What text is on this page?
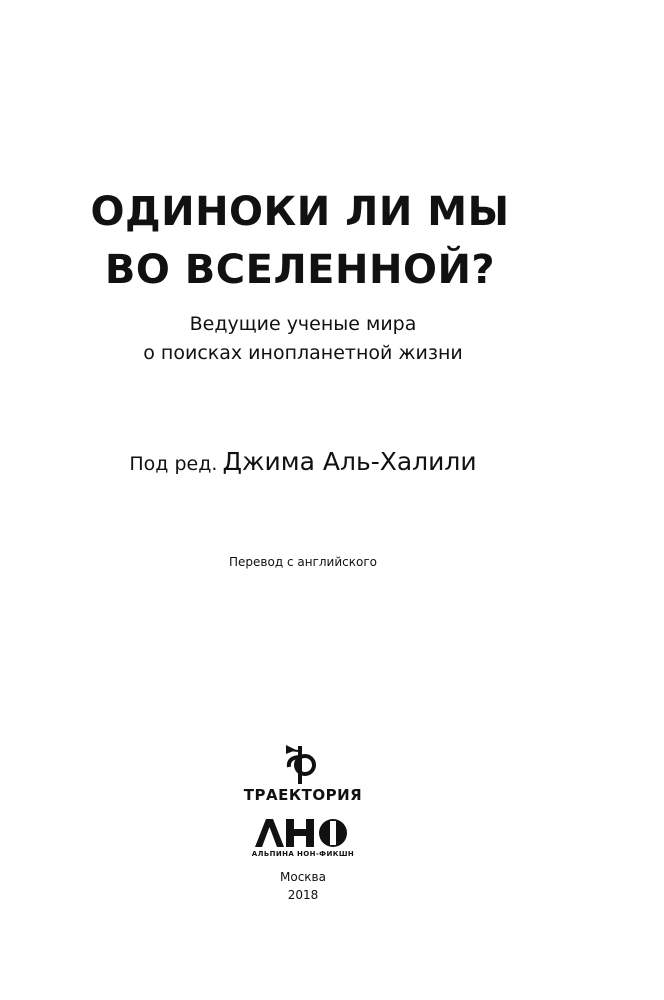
ОДИНОКИ ЛИ МЫ
ВО ВСЕЛЕННОЙ?

Ведущие ученые мира
о поисках инопланетной жизни

Под ред. Джима Аль-Халили
Перевод с английского
ТРАЕКТОРИЯ
АЛЬПИНА НОН-ФИКШН
Москва
2018
